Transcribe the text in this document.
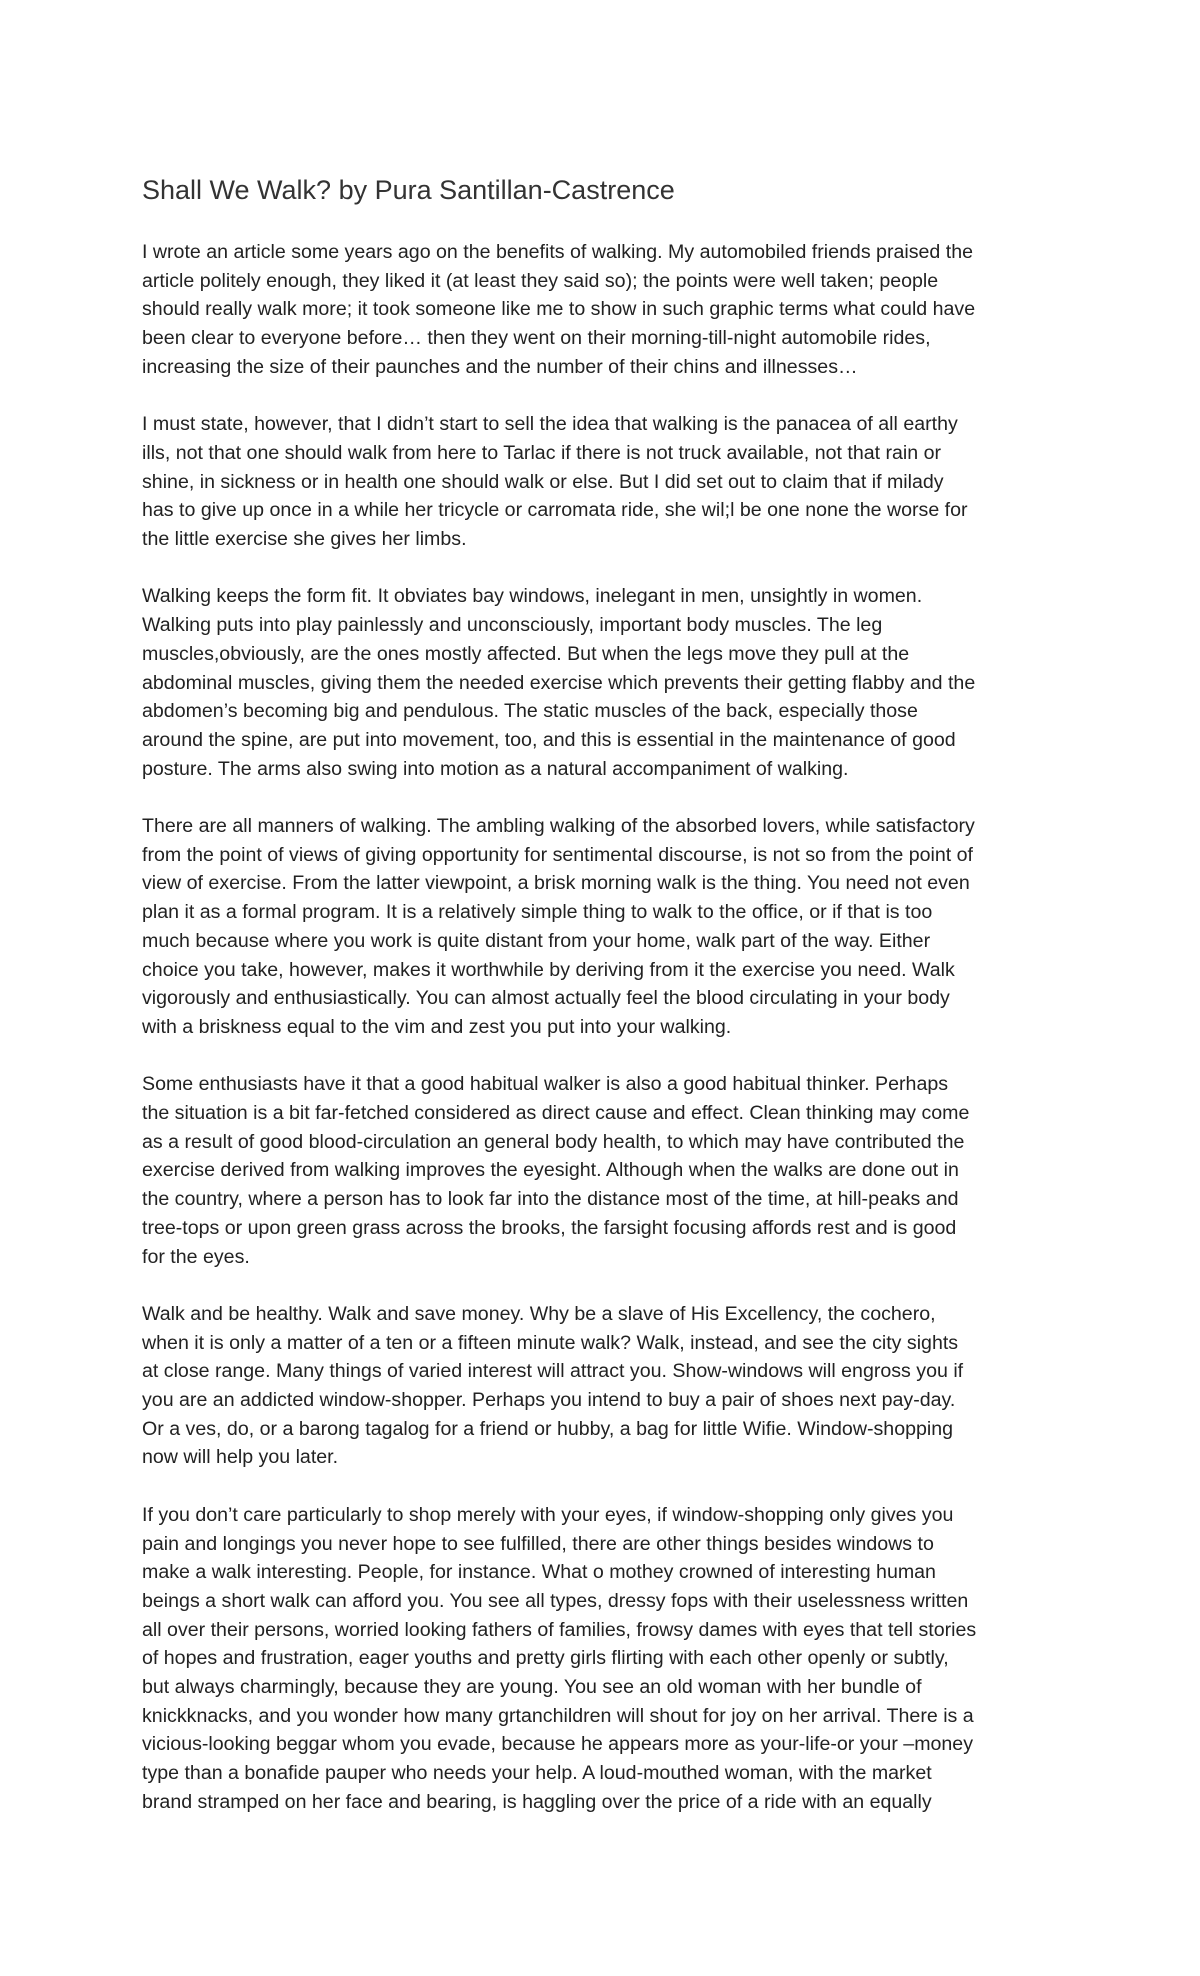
Shall We Walk? by Pura Santillan-Castrence

I wrote an article some years ago on the benefits of walking. My automobiled friends praised the
article politely enough, they liked it (at least they said so); the points were well taken; people
should really walk more; it took someone like me to show in such graphic terms what could have
been clear to everyone before… then they went on their morning-till-night automobile rides,
increasing the size of their paunches and the number of their chins and illnesses…

I must state, however, that I didn’t start to sell the idea that walking is the panacea of all earthy
ills, not that one should walk from here to Tarlac if there is not truck available, not that rain or
shine, in sickness or in health one should walk or else. But I did set out to claim that if milady
has to give up once in a while her tricycle or carromata ride, she wil;l be one none the worse for
the little exercise she gives her limbs.

Walking keeps the form fit. It obviates bay windows, inelegant in men, unsightly in women.
Walking puts into play painlessly and unconsciously, important body muscles. The leg
muscles,obviously, are the ones mostly affected. But when the legs move they pull at the
abdominal muscles, giving them the needed exercise which prevents their getting flabby and the
abdomen’s becoming big and pendulous. The static muscles of the back, especially those
around the spine, are put into movement, too, and this is essential in the maintenance of good
posture. The arms also swing into motion as a natural accompaniment of walking.

There are all manners of walking. The ambling walking of the absorbed lovers, while satisfactory
from the point of views of giving opportunity for sentimental discourse, is not so from the point of
view of exercise. From the latter viewpoint, a brisk morning walk is the thing. You need not even
plan it as a formal program. It is a relatively simple thing to walk to the office, or if that is too
much because where you work is quite distant from your home, walk part of the way. Either
choice you take, however, makes it worthwhile by deriving from it the exercise you need. Walk
vigorously and enthusiastically. You can almost actually feel the blood circulating in your body
with a briskness equal to the vim and zest you put into your walking.

Some enthusiasts have it that a good habitual walker is also a good habitual thinker. Perhaps
the situation is a bit far-fetched considered as direct cause and effect. Clean thinking may come
as a result of good blood-circulation an general body health, to which may have contributed the
exercise derived from walking improves the eyesight. Although when the walks are done out in
the country, where a person has to look far into the distance most of the time, at hill-peaks and
tree-tops or upon green grass across the brooks, the farsight focusing affords rest and is good
for the eyes.

Walk and be healthy. Walk and save money. Why be a slave of His Excellency, the cochero,
when it is only a matter of a ten or a fifteen minute walk? Walk, instead, and see the city sights
at close range. Many things of varied interest will attract you. Show-windows will engross you if
you are an addicted window-shopper. Perhaps you intend to buy a pair of shoes next pay-day.
Or a ves, do, or a barong tagalog for a friend or hubby, a bag for little Wifie. Window-shopping
now will help you later.

If you don’t care particularly to shop merely with your eyes, if window-shopping only gives you
pain and longings you never hope to see fulfilled, there are other things besides windows to
make a walk interesting. People, for instance. What o mothey crowned of interesting human
beings a short walk can afford you. You see all types, dressy fops with their uselessness written
all over their persons, worried looking fathers of families, frowsy dames with eyes that tell stories
of hopes and frustration, eager youths and pretty girls flirting with each other openly or subtly,
but always charmingly, because they are young. You see an old woman with her bundle of
knickknacks, and you wonder how many grtanchildren will shout for joy on her arrival. There is a
vicious-looking beggar whom you evade, because he appears more as your-life-or your –money
type than a bonafide pauper who needs your help. A loud-mouthed woman, with the market
brand stramped on her face and bearing, is haggling over the price of a ride with an equally
